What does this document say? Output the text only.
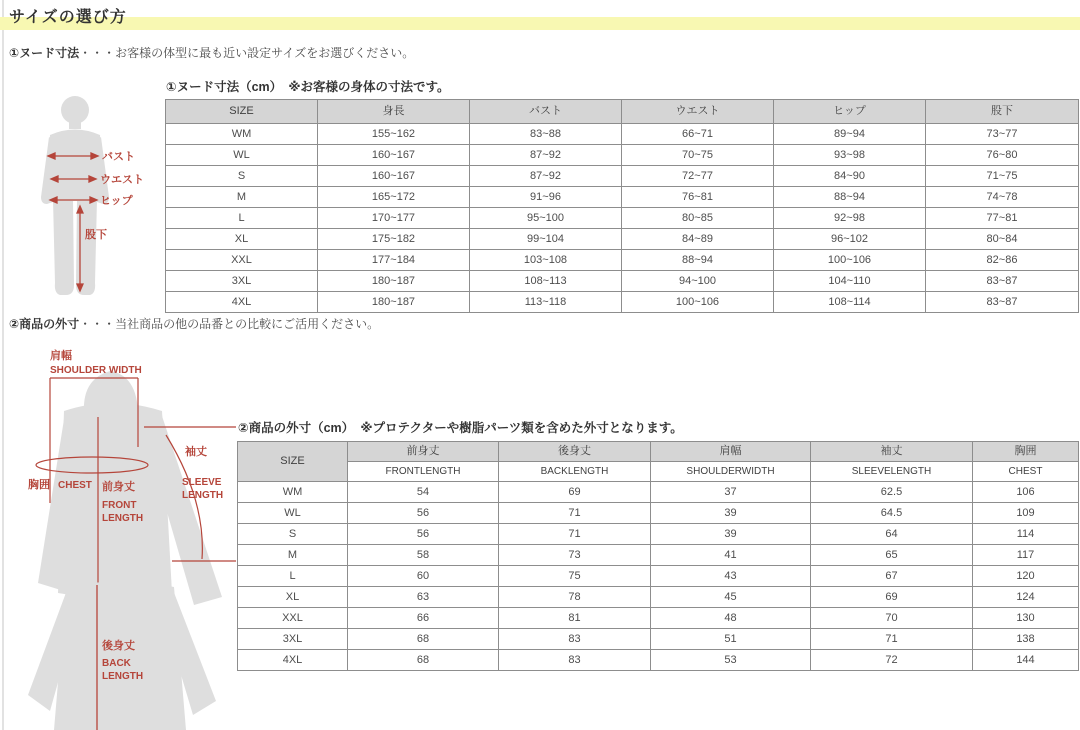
サイズの選び方
①ヌード寸法・・・お客様の体型に最も近い設定サイズをお選びください。
バスト
ウエスト
ヒップ
股下
①ヌード寸法（cm）　※お客様の身体の寸法です。
SIZE	身長	バスト	ウエスト	ヒップ	股下
WM	155~162	83~88	66~71	89~94	73~77
WL	160~167	87~92	70~75	93~98	76~80
S	160~167	87~92	72~77	84~90	71~75
M	165~172	91~96	76~81	88~94	74~78
L	170~177	95~100	80~85	92~98	77~81
XL	175~182	99~104	84~89	96~102	80~84
XXL	177~184	103~108	88~94	100~106	82~86
3XL	180~187	108~113	94~100	104~110	83~87
4XL	180~187	113~118	100~106	108~114	83~87
②商品の外寸・・・当社商品の他の品番との比較にご活用ください。
肩幅
SHOULDER WIDTH
胸囲 CHEST 前身丈
FRONT
LENGTH
袖丈
SLEEVE
LENGTH
後身丈
BACK
LENGTH
②商品の外寸（cm）　※プロテクターや樹脂パーツ類を含めた外寸となります。
SIZE	前身丈	後身丈	肩幅	袖丈	胸囲
	FRONTLENGTH	BACKLENGTH	SHOULDERWIDTH	SLEEVELENGTH	CHEST
WM	54	69	37	62.5	106
WL	56	71	39	64.5	109
S	56	71	39	64	114
M	58	73	41	65	117
L	60	75	43	67	120
XL	63	78	45	69	124
XXL	66	81	48	70	130
3XL	68	83	51	71	138
4XL	68	83	53	72	144
